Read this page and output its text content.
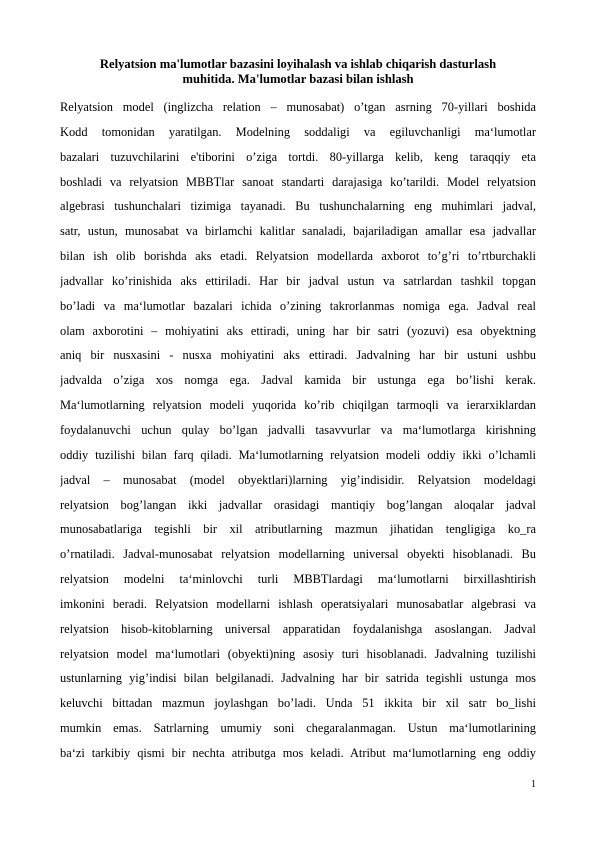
Relyatsion ma'lumotlar bazasini loyihalash va ishlab chiqarish dasturlash
muhitida. Ma'lumotlar bazasi bilan ishlash
Relyatsion model (inglizcha relation – munosabat) o’tgan asrning 70-yillari boshida
Kodd tomonidan yaratilgan. Modelning soddaligi va egiluvchanligi ma‘lumotlar
bazalari tuzuvchilarini e'tiborini o’ziga tortdi. 80-yillarga kelib, keng taraqqiy eta
boshladi va relyatsion MBBTlar sanoat standarti darajasiga ko’tarildi. Model relyatsion
algebrasi tushunchalari tizimiga tayanadi. Bu tushunchalarning eng muhimlari jadval,
satr, ustun, munosabat va birlamchi kalitlar sanaladi, bajariladigan amallar esa jadvallar
bilan ish olib borishda aks etadi. Relyatsion modellarda axborot to’g’ri to’rtburchakli
jadvallar ko’rinishida aks ettiriladi. Har bir jadval ustun va satrlardan tashkil topgan
bo’ladi va ma‘lumotlar bazalari ichida o’zining takrorlanmas nomiga ega. Jadval real
olam axborotini – mohiyatini aks ettiradi, uning har bir satri (yozuvi) esa obyektning
aniq bir nusxasini - nusxa mohiyatini aks ettiradi. Jadvalning har bir ustuni ushbu
jadvalda o’ziga xos nomga ega. Jadval kamida bir ustunga ega bo’lishi kerak.
Ma‘lumotlarning relyatsion modeli yuqorida ko’rib chiqilgan tarmoqli va ierarxiklardan
foydalanuvchi uchun qulay bo’lgan jadvalli tasavvurlar va ma‘lumotlarga kirishning
oddiy tuzilishi bilan farq qiladi. Ma‘lumotlarning relyatsion modeli oddiy ikki o’lchamli
jadval – munosabat (model obyektlari)larning yig’indisidir. Relyatsion modeldagi
relyatsion bog’langan ikki jadvallar orasidagi mantiqiy bog’langan aloqalar jadval
munosabatlariga tegishli bir xil atributlarning mazmun jihatidan tengligiga ko_ra
o’rnatiladi. Jadval-munosabat relyatsion modellarning universal obyekti hisoblanadi. Bu
relyatsion modelni ta‘minlovchi turli MBBTlardagi ma‘lumotlarni birxillashtirish
imkonini beradi. Relyatsion modellarni ishlash operatsiyalari munosabatlar algebrasi va
relyatsion hisob-kitoblarning universal apparatidan foydalanishga asoslangan. Jadval
relyatsion model ma‘lumotlari (obyekti)ning asosiy turi hisoblanadi. Jadvalning tuzilishi
ustunlarning yig’indisi bilan belgilanadi. Jadvalning har bir satrida tegishli ustunga mos
keluvchi bittadan mazmun joylashgan bo’ladi. Unda 51 ikkita bir xil satr bo_lishi
mumkin emas. Satrlarning umumiy soni chegaralanmagan. Ustun ma‘lumotlarining
ba‘zi tarkibiy qismi bir nechta atributga mos keladi. Atribut ma‘lumotlarning eng oddiy
1
